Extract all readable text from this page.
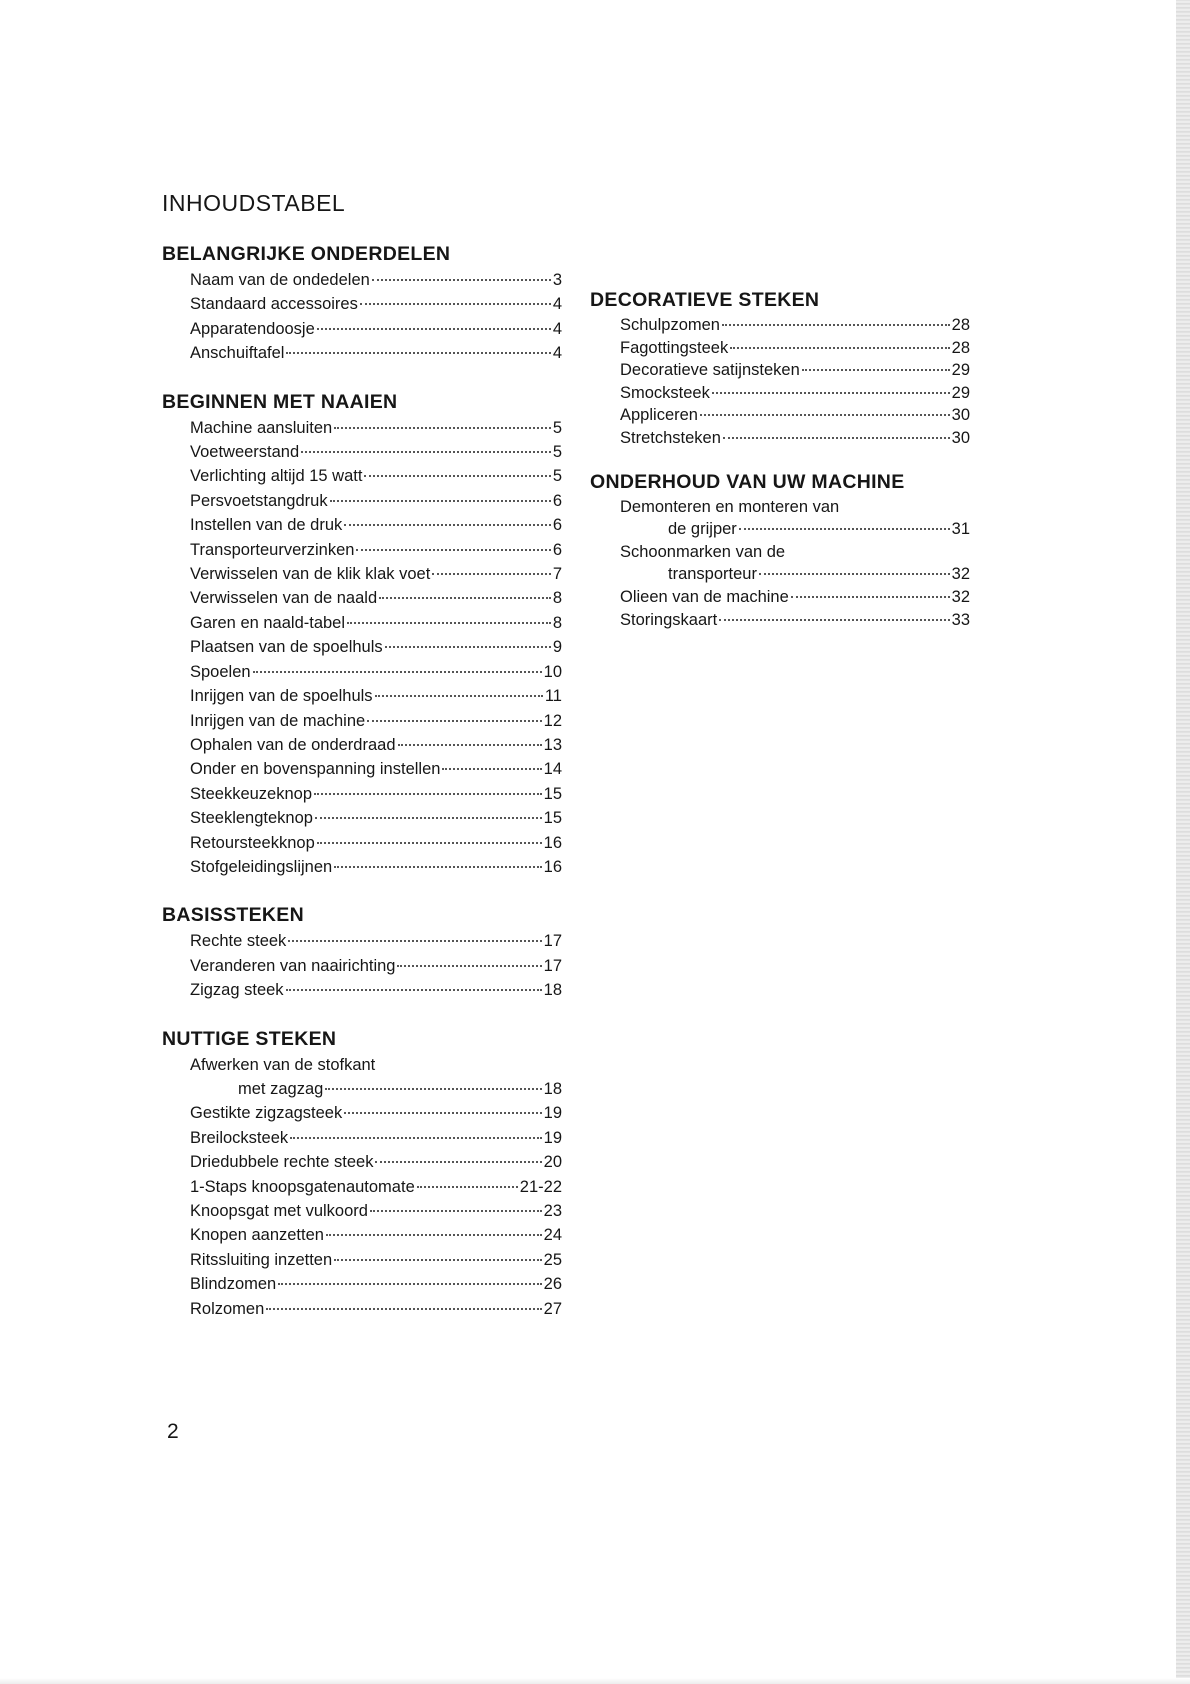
INHOUDSTABEL
BELANGRIJKE ONDERDELEN
Naam van de ondedelen	3
Standaard accessoires	4
Apparatendoosje	4
Anschuiftafel	4
BEGINNEN MET NAAIEN
Machine aansluiten	5
Voetweerstand	5
Verlichting altijd 15 watt	5
Persvoetstangdruk	6
Instellen van de druk	6
Transporteurverzinken	6
Verwisselen van de klik klak voet	7
Verwisselen van de naald	8
Garen en naald-tabel	8
Plaatsen van de spoelhuls	9
Spoelen	10
Inrijgen van de spoelhuls	11
Inrijgen van de machine	12
Ophalen van de onderdraad	13
Onder en bovenspanning instellen	14
Steekkeuzeknop	15
Steeklengteknop	15
Retoursteekknop	16
Stofgeleidingslijnen	16
BASISSTEKEN
Rechte steek	17
Veranderen van naairichting	17
Zigzag steek	18
NUTTIGE STEKEN
Afwerken van de stofkant
met zagzag	18
Gestikte zigzagsteek	19
Breilocksteek	19
Driedubbele rechte steek	20
1-Staps knoopsgatenautomate	21-22
Knoopsgat met vulkoord	23
Knopen aanzetten	24
Ritssluiting inzetten	25
Blindzomen	26
Rolzomen	27
DECORATIEVE STEKEN
Schulpzomen	28
Fagottingsteek	28
Decoratieve satijnsteken	29
Smocksteek	29
Appliceren	30
Stretchsteken	30
ONDERHOUD VAN UW MACHINE
Demonteren en monteren van
de grijper	31
Schoonmarken van de
transporteur	32
Olieen van de machine	32
Storingskaart	33
2
